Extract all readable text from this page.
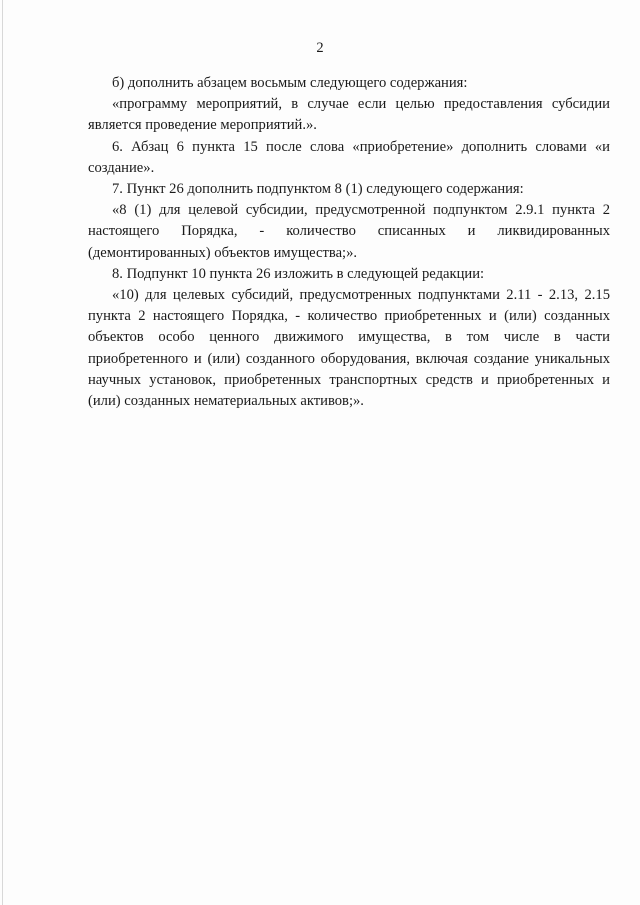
2

б) дополнить абзацем восьмым следующего содержания:

«программу мероприятий, в случае если целью предоставления субсидии является проведение мероприятий.».

6. Абзац 6 пункта 15 после слова «приобретение» дополнить словами «и создание».

7. Пункт 26 дополнить подпунктом 8 (1) следующего содержания:

«8 (1) для целевой субсидии, предусмотренной подпунктом 2.9.1 пункта 2 настоящего Порядка, - количество списанных и ликвидированных (демонтированных) объектов имущества;».

8. Подпункт 10 пункта 26 изложить в следующей редакции:

«10) для целевых субсидий, предусмотренных подпунктами 2.11 - 2.13, 2.15 пункта 2 настоящего Порядка, - количество приобретенных и (или) созданных объектов особо ценного движимого имущества, в том числе в части приобретенного и (или) созданного оборудования, включая создание уникальных научных установок, приобретенных транспортных средств и приобретенных и (или) созданных нематериальных активов;».
